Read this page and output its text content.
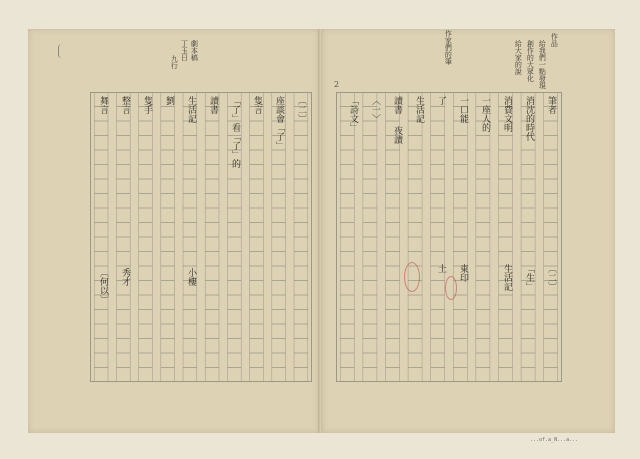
劇本稿
丁玉日
九行
作品
給我們一點發現
創作的大眾化
給大家的說
作家們的筆
2
〔二〕
座談會「了」
隻言
「了」看「了」的
讀書
生活記
劉
隻手
整言
舞言
〔何以〕 秀才	小樓
筆者
消沈的時代
消費文明
一座人的
一口能
了
生活記
讀書
〈一〉
「詩文」
夜讀
「生」 〔二〕
東印
土	生活記
...of.a_N...a...
